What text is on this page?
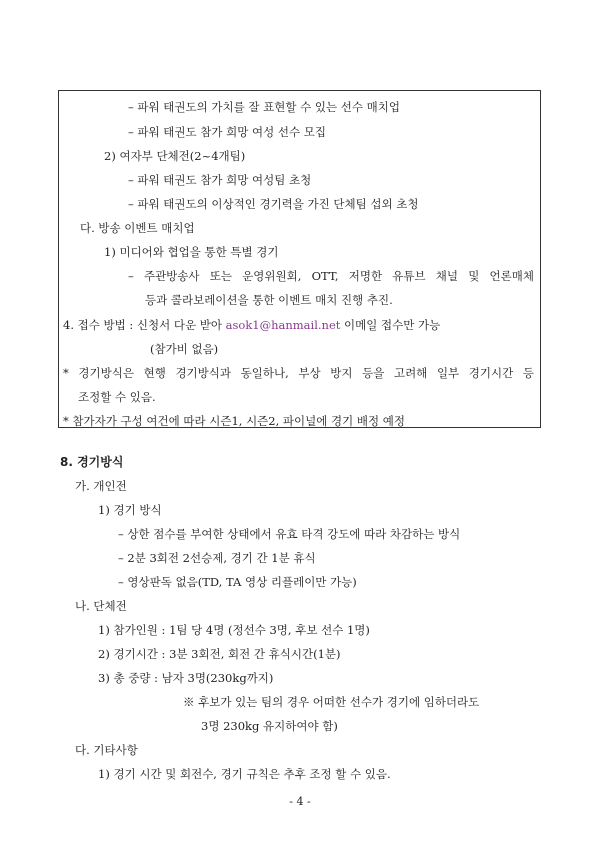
– 파워 태권도의 가치를 잘 표현할 수 있는 선수 매치업
– 파워 태권도 참가 희망 여성 선수 모집
2) 여자부 단체전(2~4개팀)
– 파워 태권도 참가 희망 여성팀 초청
– 파워 태권도의 이상적인 경기력을 가진 단체팀 섭외 초청
다. 방송 이벤트 매치업
1) 미디어와 협업을 통한 특별 경기
– 주관방송사 또는 운영위원회, OTT, 저명한 유튜브 채널 및 언론매체
등과 콜라보레이션을 통한 이벤트 매치 진행 추진.
4. 접수 방법 : 신청서 다운 받아 asok1@hanmail.net 이메일 접수만 가능
(참가비 없음)
* 경기방식은 현행 경기방식과 동일하나, 부상 방지 등을 고려해 일부 경기시간 등
조정할 수 있음.
* 참가자가 구성 여건에 따라 시즌1, 시즌2, 파이널에 경기 배정 예정
8. 경기방식
가. 개인전
1) 경기 방식
– 상한 점수를 부여한 상태에서 유효 타격 강도에 따라 차감하는 방식
– 2분 3회전 2선승제, 경기 간 1분 휴식
– 영상판독 없음(TD, TA 영상 리플레이만 가능)
나. 단체전
1) 참가인원 : 1팀 당 4명 (정선수 3명, 후보 선수 1명)
2) 경기시간 : 3분 3회전, 회전 간 휴식시간(1분)
3) 총 중량 : 남자 3명(230kg까지)
※ 후보가 있는 팀의 경우 어떠한 선수가 경기에 임하더라도
3명 230kg 유지하여야 함)
다. 기타사항
1) 경기 시간 및 회전수, 경기 규칙은 추후 조정 할 수 있음.
- 4 -
